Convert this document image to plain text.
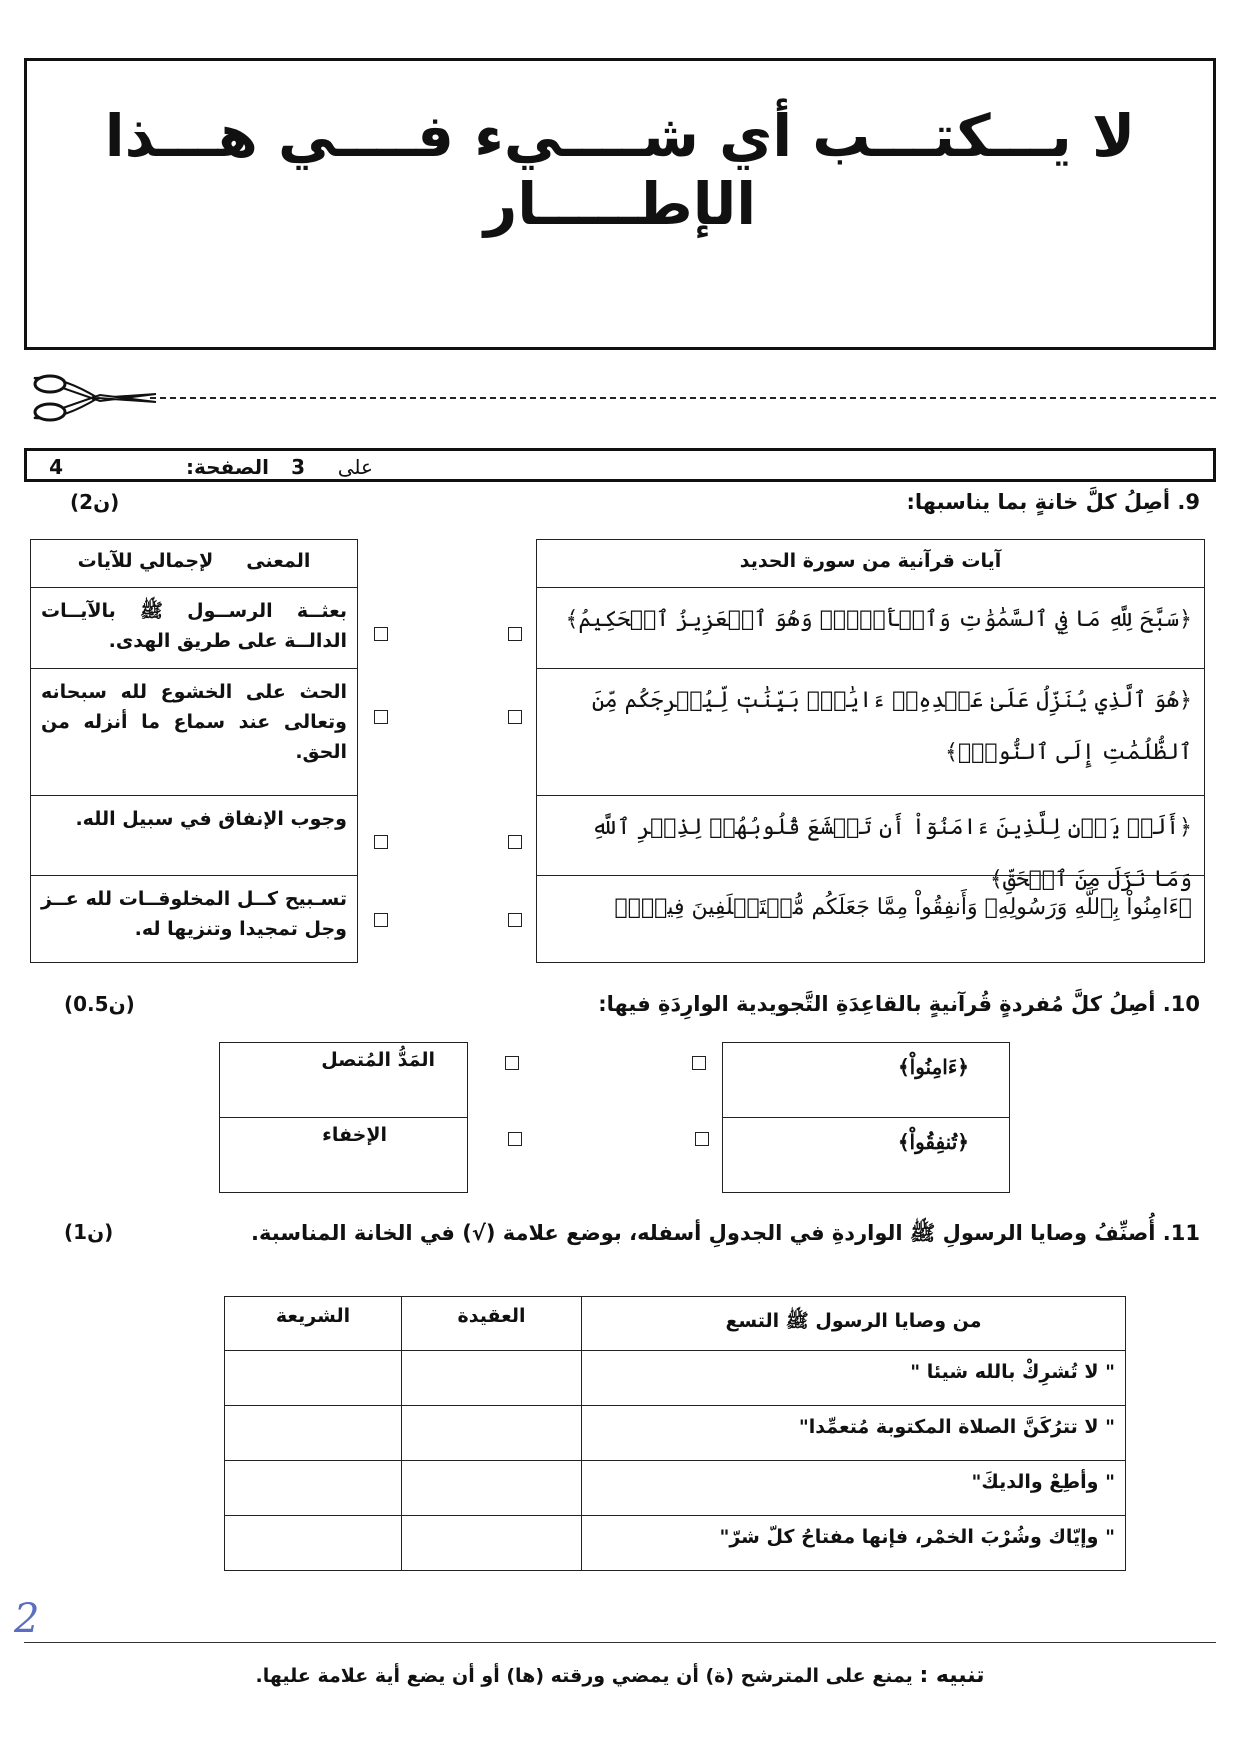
لا يـــكتـــب أي شــــيء فــــي هـــذا الإطـــــار
الصفحة: 3 على
4
9. أصِلُ كلَّ خانةٍ بما يناسبها:
(2ن)
آيات قرآنية من سورة الحديد
﴿سَبَّحَ لِلَّهِ مَا فِي ٱلسَّمَٰوَٰتِ وَٱلۡأَرۡضِۖ وَهُوَ ٱلۡعَزِيزُ ٱلۡحَكِيمُ﴾
﴿هُوَ ٱلَّذِي يُنَزِّلُ عَلَىٰ عَبۡدِهِۦٓ ءَايَٰتِۭ بَيِّنَٰتٖ لِّيُخۡرِجَكُم مِّنَ ٱلظُّلُمَٰتِ إِلَى ٱلنُّورِۚ﴾
﴿أَلَمۡ يَأۡنِ لِلَّذِينَ ءَامَنُوٓاْ أَن تَخۡشَعَ قُلُوبُهُمۡ لِذِكۡرِ ٱللَّهِ وَمَا نَزَلَ مِنَ ٱلۡحَقِّ﴾
﴿ءَامِنُواْ بِٱللَّهِ وَرَسُولِهِۦ وَأَنفِقُواْ مِمَّا جَعَلَكُم مُّسۡتَخۡلَفِينَ فِيهِۖ﴾
المعنى     لإجمالي للآيات
بعثــة الرســول ﷺ بالآيــات الدالــة على طريق الهدى.
الحث على الخشوع لله سبحانه وتعالى عند سماع ما أنزله من الحق.
وجوب الإنفاق في سبيل الله.
تسـبيح كــل المخلوقــات لله عــز وجل تمجيدا وتنزيها له.
10. أصِلُ كلَّ مُفردةٍ قُرآنيةٍ بالقاعِدَةِ التَّجويدية الوارِدَةِ فيها:
(0.5ن)
﴿ءَامِنُواْ﴾
﴿تُنفِقُواْ﴾
المَدُّ المُتصل
الإخفاء
11. أُصنِّفُ وصايا الرسولِ ﷺ الواردةِ في الجدولِ أسفله، بوضع علامة (√) في الخانة المناسبة.
(1ن)
من وصايا الرسول ﷺ التسع
العقيدة
الشريعة
" لا تُشرِكْ بالله شيئا "
" لا تترُكَنَّ الصلاة المكتوبة مُتعمِّدا"
" وأطِعْ والديكَ"
" وإيّاك وشُرْبَ الخمْر، فإنها مفتاحُ كلّ شرّ"
2
تنبيه : يمنع على المترشح (ة) أن يمضي ورقته (ها) أو أن يضع أية علامة عليها.
